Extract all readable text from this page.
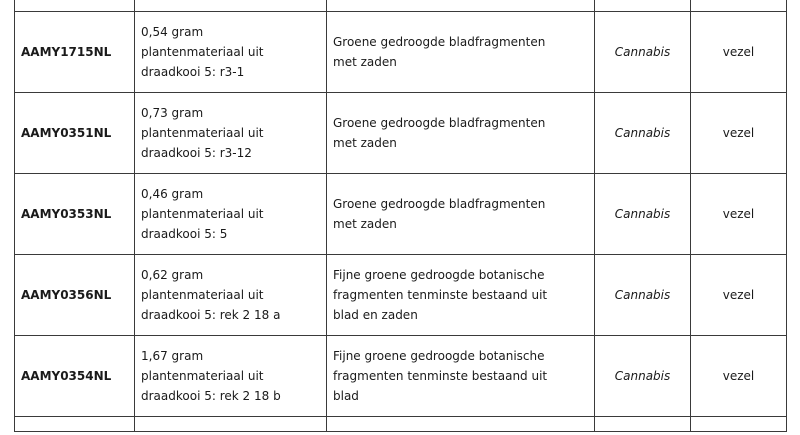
AAMY1715NL	0,54 gram
plantenmateriaal uit
draadkooi 5: r3-1	Groene gedroogde bladfragmenten
met zaden	Cannabis	vezel
AAMY0351NL	0,73 gram
plantenmateriaal uit
draadkooi 5: r3-12	Groene gedroogde bladfragmenten
met zaden	Cannabis	vezel
AAMY0353NL	0,46 gram
plantenmateriaal uit
draadkooi 5: 5	Groene gedroogde bladfragmenten
met zaden	Cannabis	vezel
AAMY0356NL	0,62 gram
plantenmateriaal uit
draadkooi 5: rek 2 18 a	Fijne groene gedroogde botanische
fragmenten tenminste bestaand uit
blad en zaden	Cannabis	vezel
AAMY0354NL	1,67 gram
plantenmateriaal uit
draadkooi 5: rek 2 18 b	Fijne groene gedroogde botanische
fragmenten tenminste bestaand uit
blad	Cannabis	vezel
